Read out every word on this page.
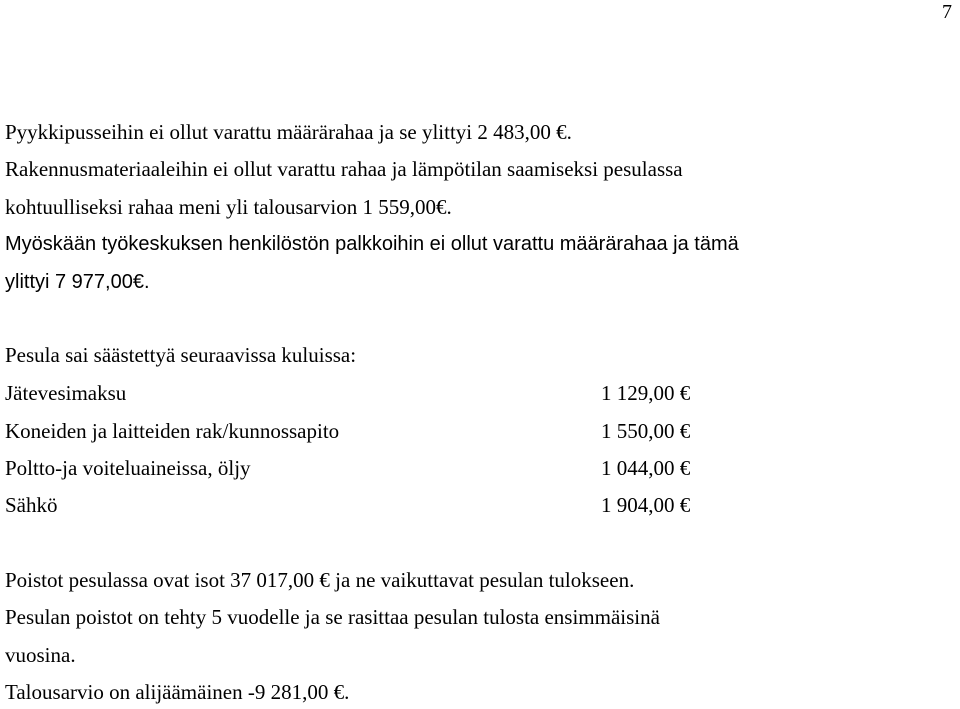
7
Pyykkipusseihin ei ollut varattu määrärahaa ja se ylittyi 2 483,00 €.
Rakennusmateriaaleihin ei ollut varattu rahaa ja lämpötilan saamiseksi pesulassa
kohtuulliseksi rahaa meni yli talousarvion 1 559,00€.
Myöskään työkeskuksen henkilöstön palkkoihin ei ollut varattu määrärahaa ja tämä
ylittyi 7 977,00€.
Pesula sai säästettyä seuraavissa kuluissa:
Jätevesimaksu	1 129,00 €
Koneiden ja laitteiden rak/kunnossapito	1 550,00 €
Poltto-ja voiteluaineissa, öljy	1 044,00 €
Sähkö	1 904,00 €
Poistot pesulassa ovat isot 37 017,00 € ja ne vaikuttavat pesulan tulokseen.
Pesulan poistot on tehty 5 vuodelle ja se rasittaa pesulan tulosta ensimmäisinä
vuosina.
Talousarvio on alijäämäinen -9 281,00 €.
